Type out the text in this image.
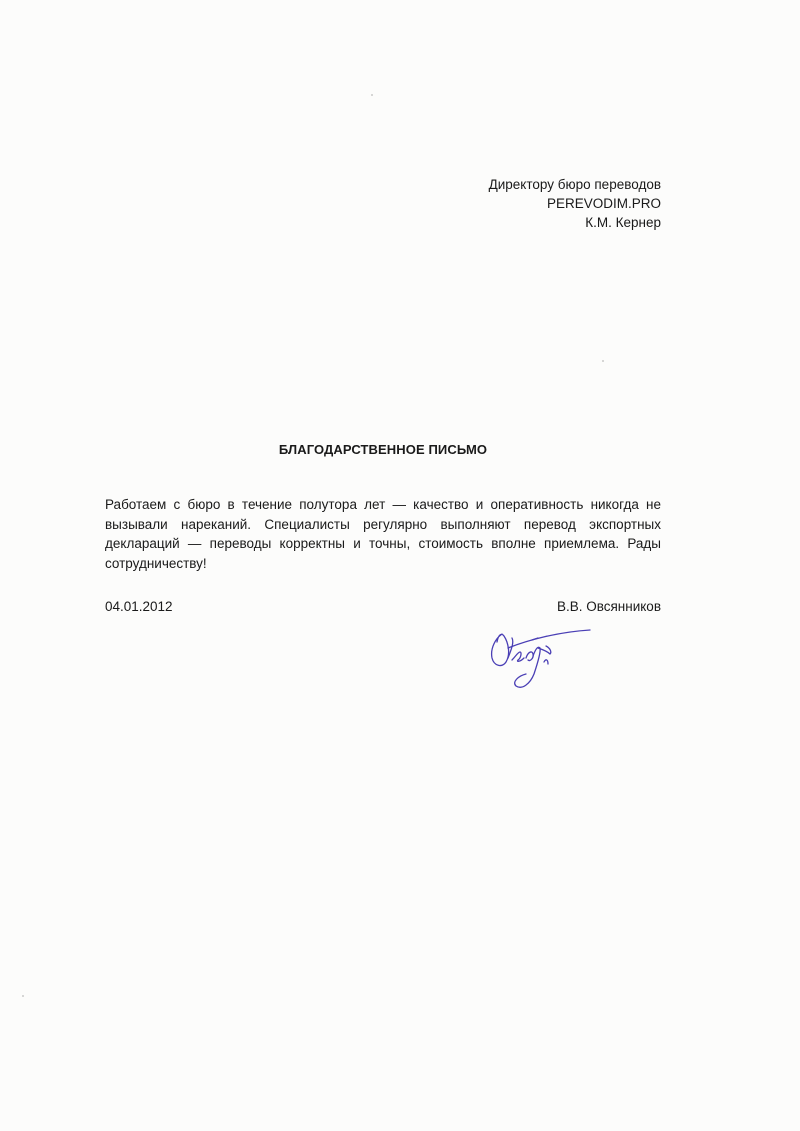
Директору бюро переводов
PEREVODIM.PRO
К.М. Кернер
БЛАГОДАРСТВЕННОЕ ПИСЬМО
Работаем с бюро в течение полутора лет — качество и оперативность никогда не вызывали нареканий. Специалисты регулярно выполняют перевод экспортных деклараций — переводы корректны и точны, стоимость вполне приемлема. Рады сотрудничеству!
04.01.2012	В.В. Овсянников
